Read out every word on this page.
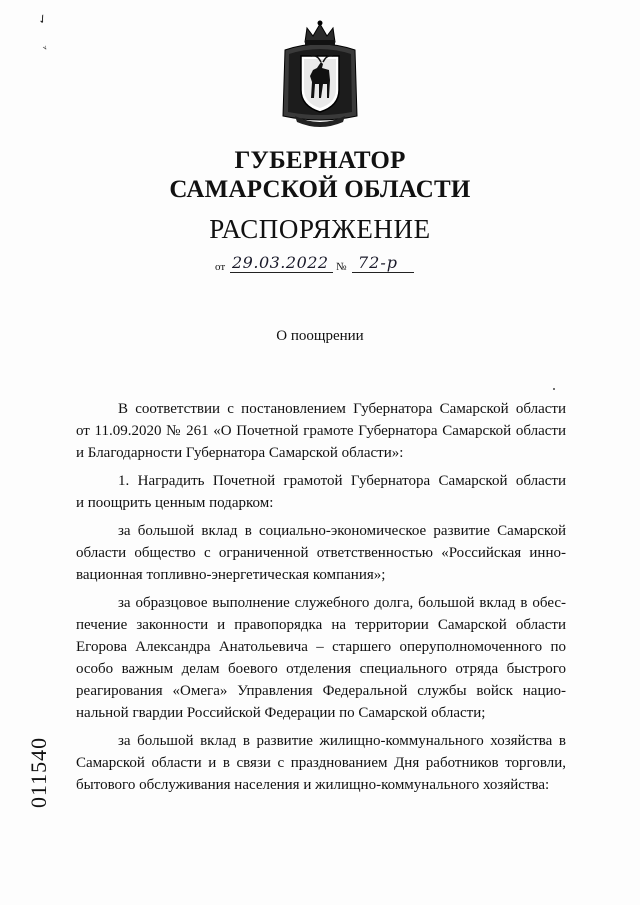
✓
ᵥ
ГУБЕРНАТОР
САМАРСКОЙ ОБЛАСТИ
РАСПОРЯЖЕНИЕ
от 29.03.2022 № 72-р
О поощрении

В соответствии с постановлением Губернатора Самарской области
от 11.09.2020 № 261 «О Почетной грамоте Губернатора Самарской области
и Благодарности Губернатора Самарской области»:

1. Наградить Почетной грамотой Губернатора Самарской области
и поощрить ценным подарком:

за большой вклад в социально-экономическое развитие Самарской
области общество с ограниченной ответственностью «Российская инно-
вационная топливно-энергетическая компания»;

за образцовое выполнение служебного долга, большой вклад в обес-
печение законности и правопорядка на территории Самарской области
Егорова Александра Анатольевича – старшего оперуполномоченного по
особо важным делам боевого отделения специального отряда быстрого
реагирования «Омега» Управления Федеральной службы войск нацио-
нальной гвардии Российской Федерации по Самарской области;

за большой вклад в развитие жилищно-коммунального хозяйства в
Самарской области и в связи с празднованием Дня работников торговли,
бытового обслуживания населения и жилищно-коммунального хозяйства:

011540
